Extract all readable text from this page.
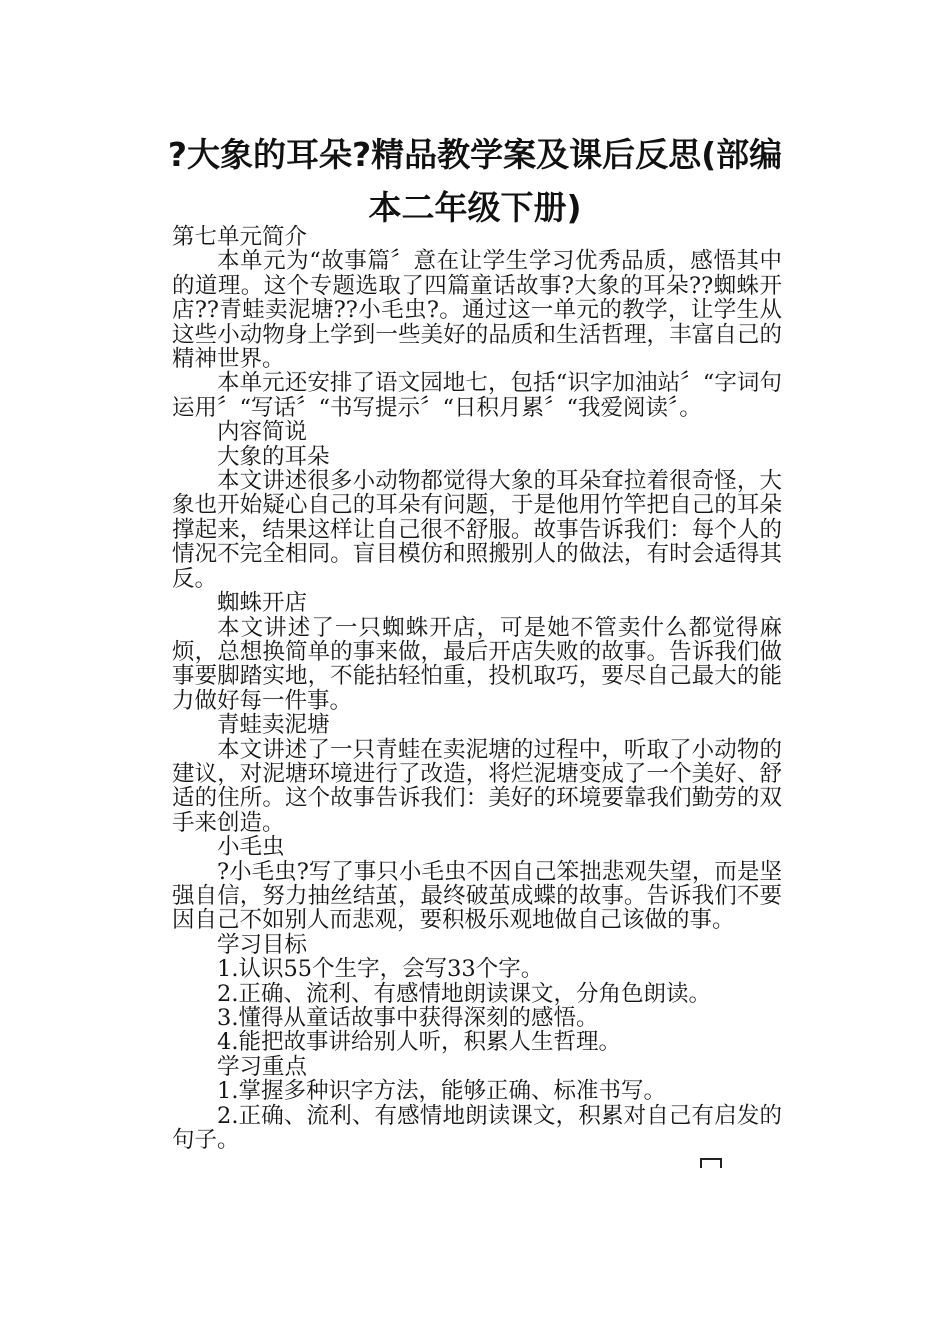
?大象的耳朵?精品教学案及课后反思(部编
本二年级下册)

第七单元简介

本单元为“故事篇〞意在让学生学习优秀品质，感悟其中的道理。这个专题选取了四篇童话故事?大象的耳朵??蜘蛛开店??青蛙卖泥塘??小毛虫?。通过这一单元的教学，让学生从这些小动物身上学到一些美好的品质和生活哲理，丰富自己的精神世界。

本单元还安排了语文园地七，包括“识字加油站〞“字词句运用〞“写话〞“书写提示〞“日积月累〞“我爱阅读〞。

内容简说

大象的耳朵

本文讲述很多小动物都觉得大象的耳朵耷拉着很奇怪，大象也开始疑心自己的耳朵有问题，于是他用竹竿把自己的耳朵撑起来，结果这样让自己很不舒服。故事告诉我们：每个人的情况不完全相同。盲目模仿和照搬别人的做法，有时会适得其反。

蜘蛛开店

本文讲述了一只蜘蛛开店，可是她不管卖什么都觉得麻烦，总想换简单的事来做，最后开店失败的故事。告诉我们做事要脚踏实地，不能拈轻怕重，投机取巧，要尽自己最大的能力做好每一件事。

青蛙卖泥塘

本文讲述了一只青蛙在卖泥塘的过程中，听取了小动物的建议，对泥塘环境进行了改造，将烂泥塘变成了一个美好、舒适的住所。这个故事告诉我们：美好的环境要靠我们勤劳的双手来创造。

小毛虫

?小毛虫?写了事只小毛虫不因自己笨拙悲观失望，而是坚强自信，努力抽丝结茧，最终破茧成蝶的故事。告诉我们不要因自己不如别人而悲观，要积极乐观地做自己该做的事。

学习目标

1.认识55个生字，会写33个字。

2.正确、流利、有感情地朗读课文，分角色朗读。

3.懂得从童话故事中获得深刻的感悟。

4.能把故事讲给别人听，积累人生哲理。

学习重点

1.掌握多种识字方法，能够正确、标准书写。

2.正确、流利、有感情地朗读课文，积累对自己有启发的句子。
